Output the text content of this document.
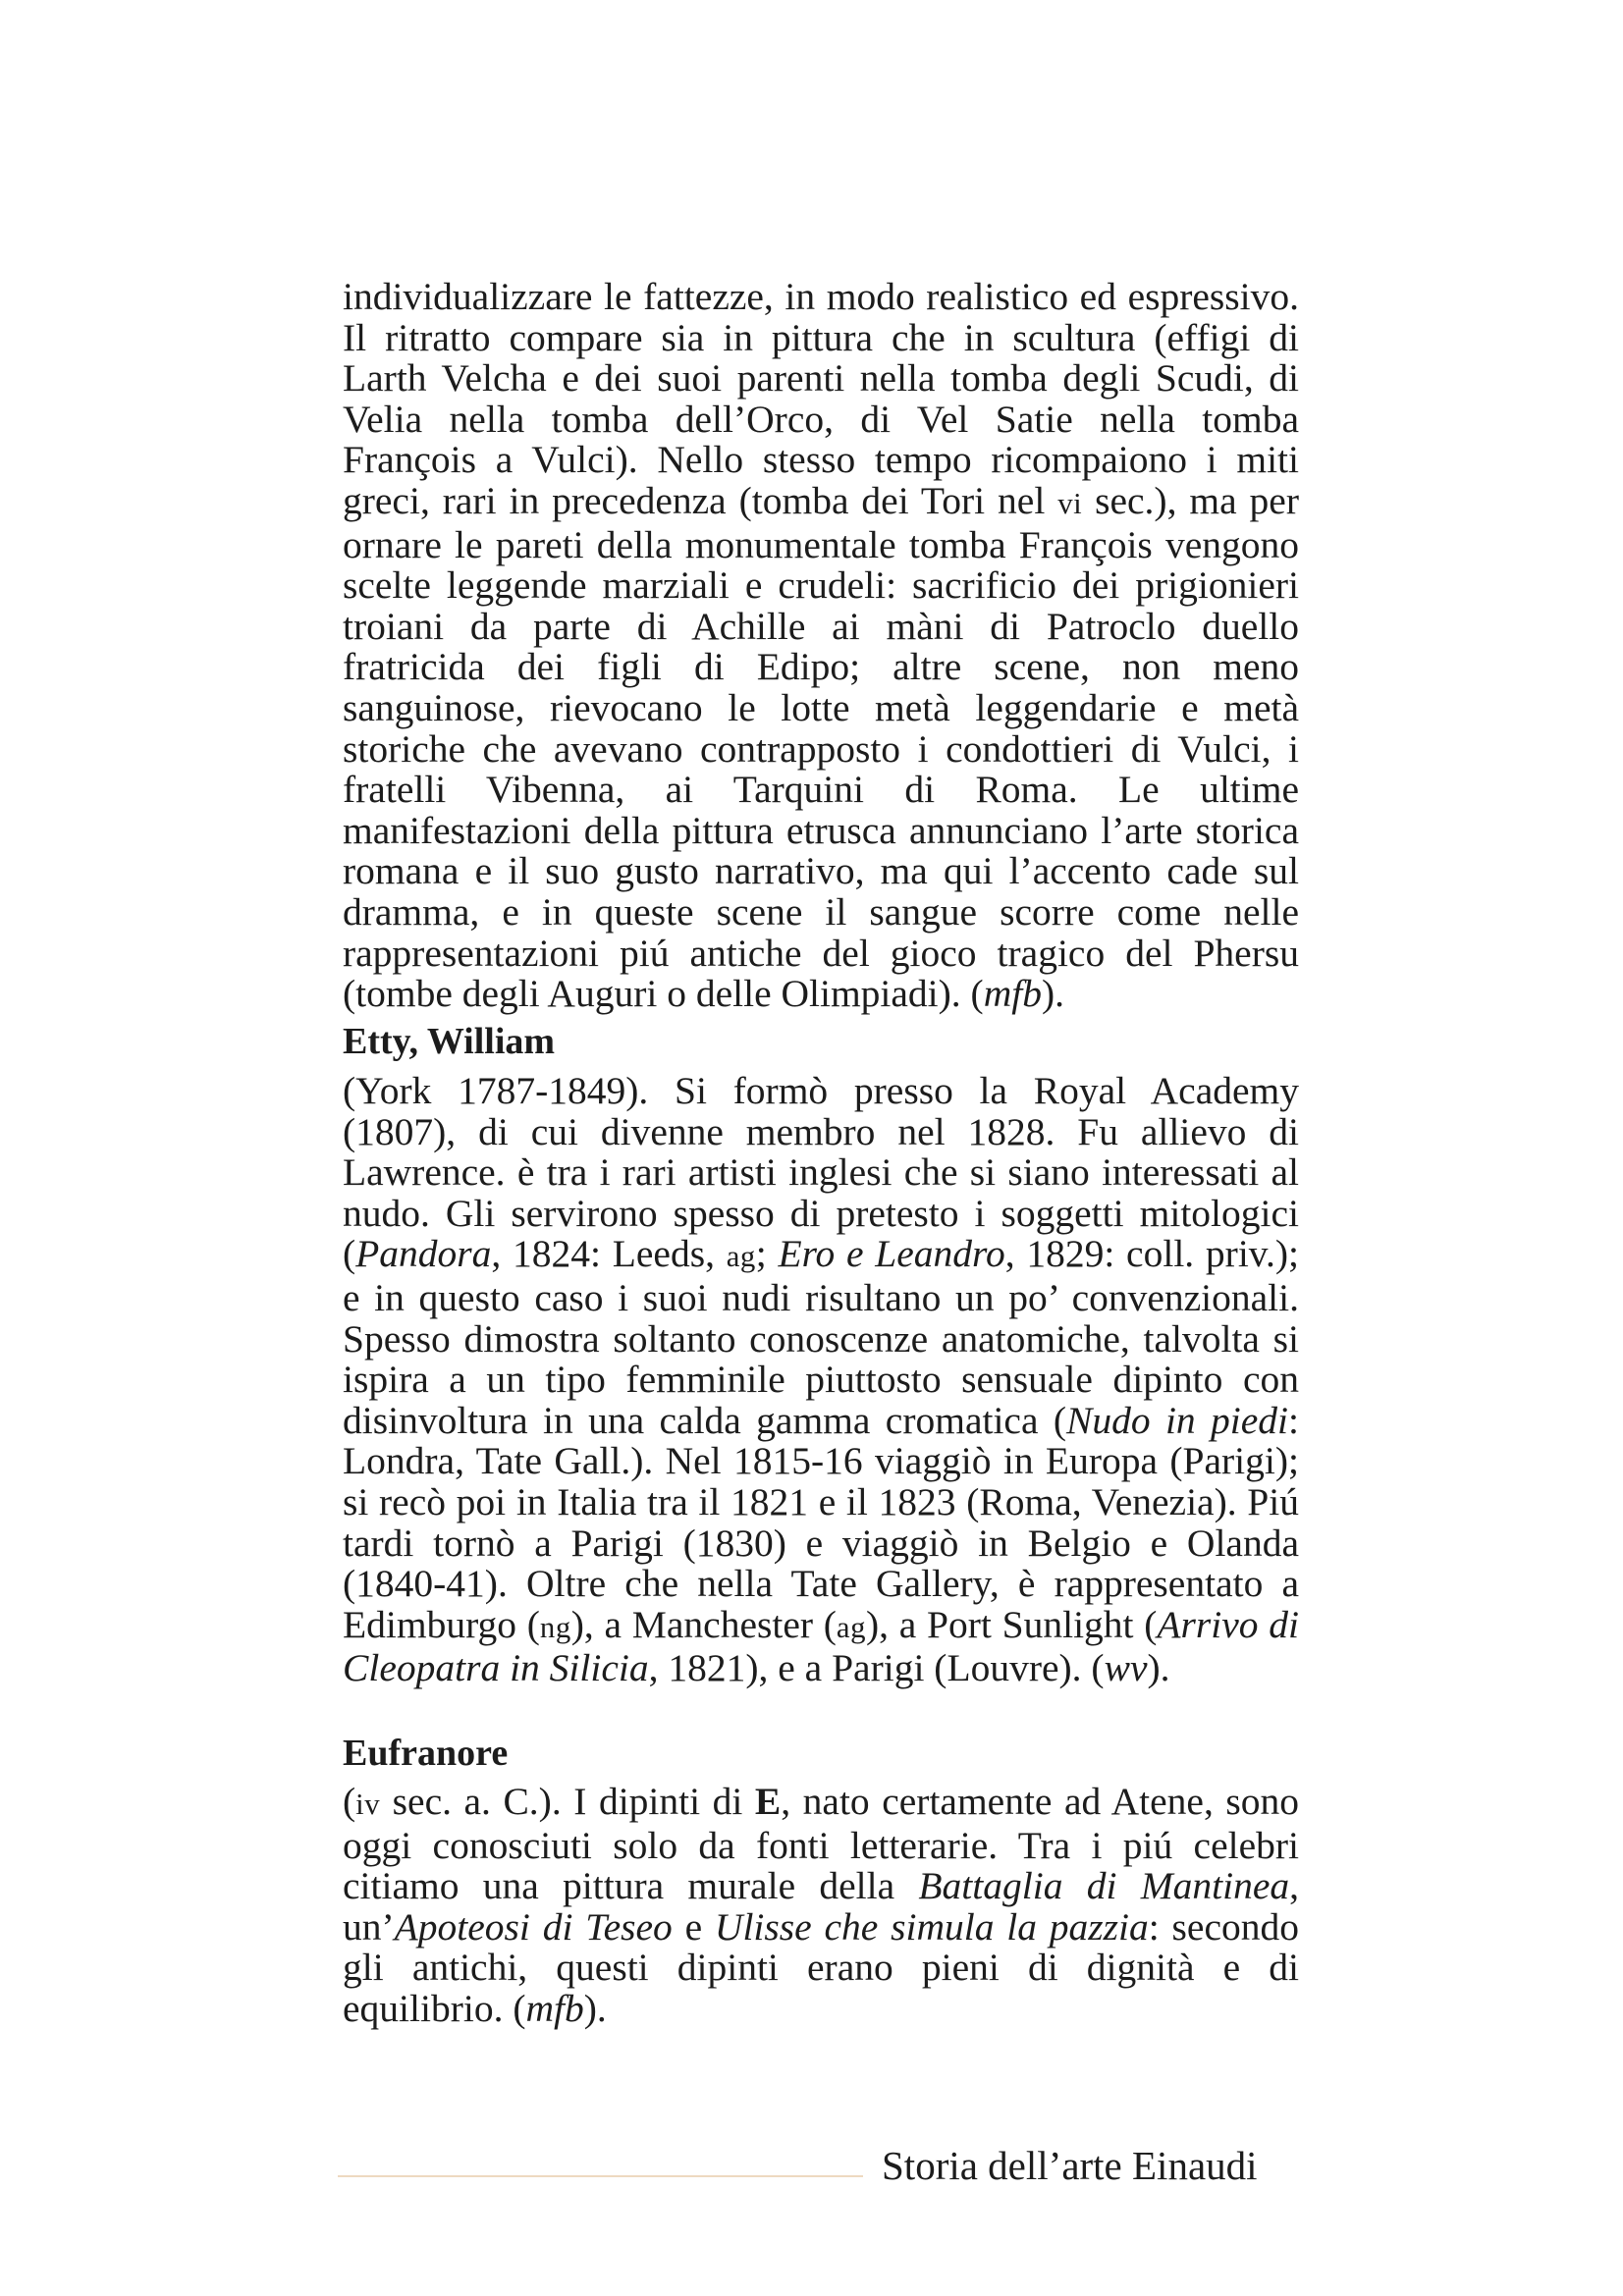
individualizzare le fattezze, in modo realistico ed espressivo. Il ritratto compare sia in pittura che in scultura (effigi di Larth Velcha e dei suoi parenti nella tomba degli Scudi, di Velia nella tomba dell’Orco, di Vel Satie nella tomba François a Vulci). Nello stesso tempo ricompaiono i miti greci, rari in precedenza (tomba dei Tori nel vi sec.), ma per ornare le pareti della monumentale tomba François vengono scelte leggende marziali e crudeli: sacrificio dei prigionieri troiani da parte di Achille ai màni di Patroclo duello fratricida dei figli di Edipo; altre scene, non meno sanguinose, rievocano le lotte metà leggendarie e metà storiche che avevano contrapposto i condottieri di Vulci, i fratelli Vibenna, ai Tarquini di Roma. Le ultime manifestazioni della pittura etrusca annunciano l’arte storica romana e il suo gusto narrativo, ma qui l’accento cade sul dramma, e in queste scene il sangue scorre come nelle rappresentazioni piú antiche del gioco tragico del Phersu (tombe degli Auguri o delle Olimpiadi). (mfb).

Etty, William

(York 1787-1849). Si formò presso la Royal Academy (1807), di cui divenne membro nel 1828. Fu allievo di Lawrence. è tra i rari artisti inglesi che si siano interessati al nudo. Gli servirono spesso di pretesto i soggetti mitologici (Pandora, 1824: Leeds, ag; Ero e Leandro, 1829: coll. priv.); e in questo caso i suoi nudi risultano un po’ convenzionali. Spesso dimostra soltanto conoscenze anatomiche, talvolta si ispira a un tipo femminile piuttosto sensuale dipinto con disinvoltura in una calda gamma cromatica (Nudo in piedi: Londra, Tate Gall.). Nel 1815-16 viaggiò in Europa (Parigi); si recò poi in Italia tra il 1821 e il 1823 (Roma, Venezia). Piú tardi tornò a Parigi (1830) e viaggiò in Belgio e Olanda (1840-41). Oltre che nella Tate Gallery, è rappresentato a Edimburgo (ng), a Manchester (ag), a Port Sunlight (Arrivo di Cleopatra in Silicia, 1821), e a Parigi (Louvre). (wv).

Eufranore

(iv sec. a. C.). I dipinti di E, nato certamente ad Atene, sono oggi conosciuti solo da fonti letterarie. Tra i piú celebri citiamo una pittura murale della Battaglia di Mantinea, un’Apoteosi di Teseo e Ulisse che simula la pazzia: secondo gli antichi, questi dipinti erano pieni di dignità e di equilibrio. (mfb).

Storia dell’arte Einaudi
